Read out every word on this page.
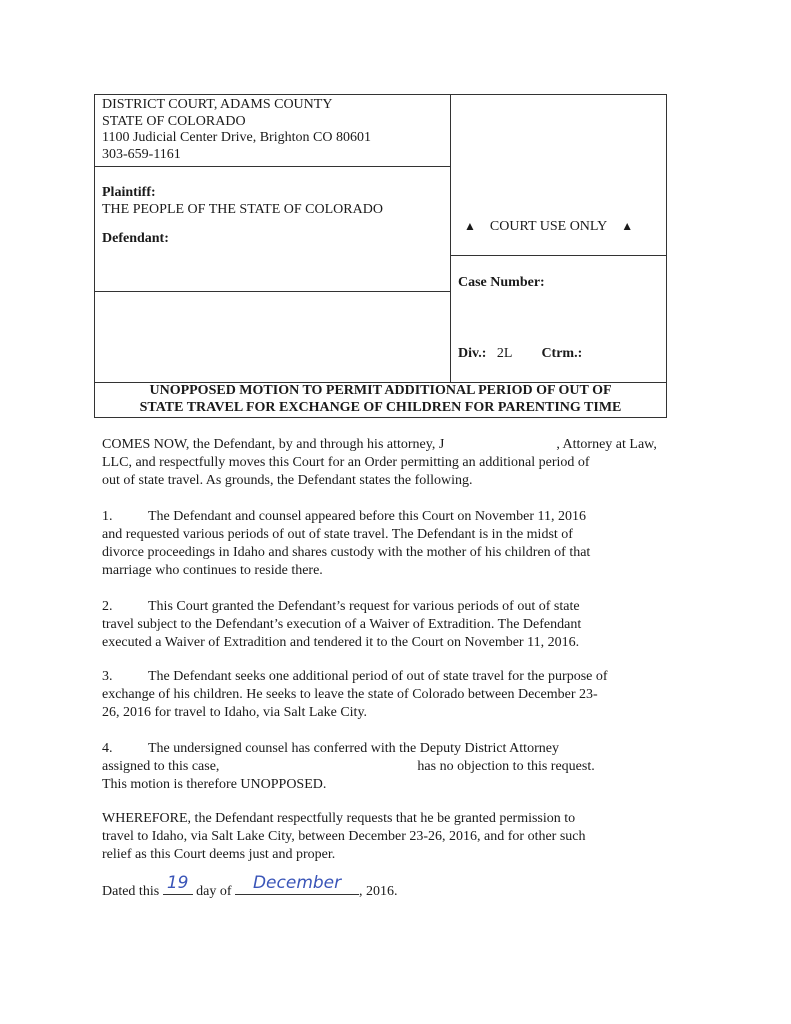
DISTRICT COURT, ADAMS COUNTY
STATE OF COLORADO
1100 Judicial Center Drive, Brighton CO 80601
303-659-1161
Plaintiff:
THE PEOPLE OF THE STATE OF COLORADO
Defendant:
▲ COURT USE ONLY ▲
Case Number:
Div.: 2L Ctrm.:
UNOPPOSED MOTION TO PERMIT ADDITIONAL PERIOD OF OUT OF
STATE TRAVEL FOR EXCHANGE OF CHILDREN FOR PARENTING TIME
COMES NOW, the Defendant, by and through his attorney, J	, Attorney at Law,
LLC, and respectfully moves this Court for an Order permitting an additional period of
out of state travel. As grounds, the Defendant states the following.
1.	The Defendant and counsel appeared before this Court on November 11, 2016
and requested various periods of out of state travel. The Defendant is in the midst of
divorce proceedings in Idaho and shares custody with the mother of his children of that
marriage who continues to reside there.
2.	This Court granted the Defendant’s request for various periods of out of state
travel subject to the Defendant’s execution of a Waiver of Extradition. The Defendant
executed a Waiver of Extradition and tendered it to the Court on November 11, 2016.
3.	The Defendant seeks one additional period of out of state travel for the purpose of
exchange of his children. He seeks to leave the state of Colorado between December 23-
26, 2016 for travel to Idaho, via Salt Lake City.
4.	The undersigned counsel has conferred with the Deputy District Attorney
assigned to this case,	has no objection to this request.
This motion is therefore UNOPPOSED.
WHEREFORE, the Defendant respectfully requests that he be granted permission to
travel to Idaho, via Salt Lake City, between December 23-26, 2016, and for other such
relief as this Court deems just and proper.
Dated this 19 day of	December	, 2016.
